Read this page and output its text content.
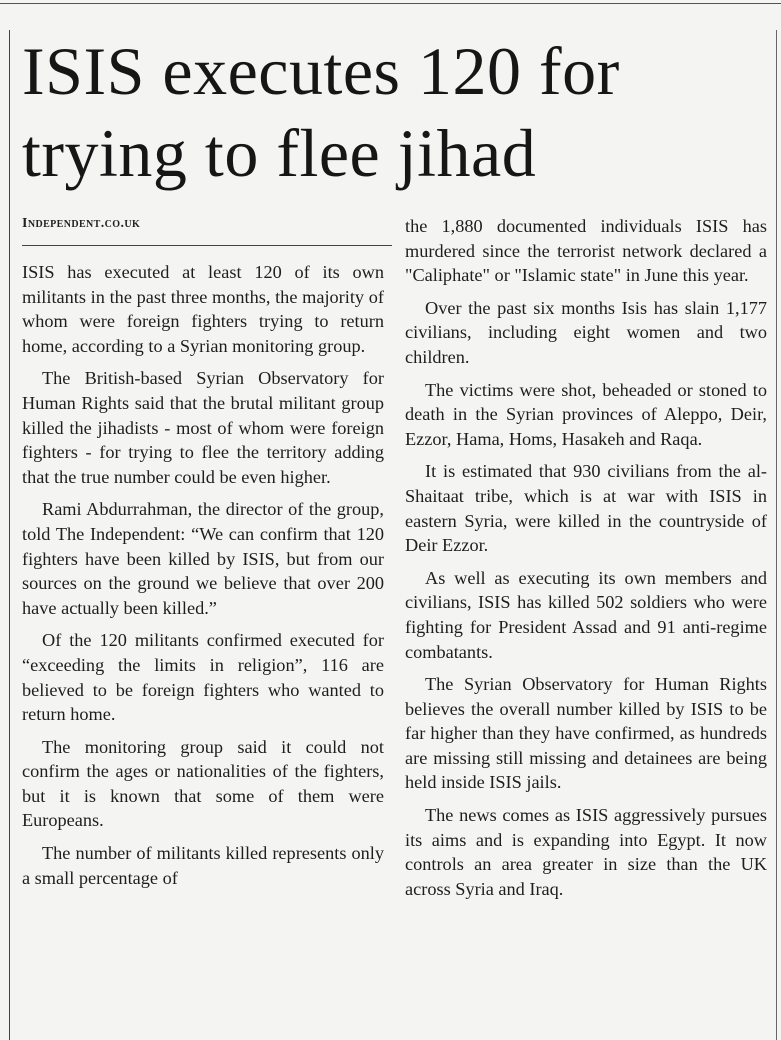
ISIS executes 120 for trying to flee jihad
Independent.co.uk

ISIS has executed at least 120 of its own militants in the past three months, the majority of whom were foreign fighters trying to return home, according to a Syrian monitoring group.

The British-based Syrian Observatory for Human Rights said that the brutal militant group killed the jihadists - most of whom were foreign fighters - for trying to flee the territory adding that the true number could be even higher.

Rami Abdurrahman, the director of the group, told The Independent: “We can confirm that 120 fighters have been killed by ISIS, but from our sources on the ground we believe that over 200 have actually been killed.”

Of the 120 militants confirmed executed for “exceeding the limits in religion”, 116 are believed to be foreign fighters who wanted to return home.

The monitoring group said it could not confirm the ages or nationalities of the fighters, but it is known that some of them were Europeans.

The number of militants killed represents only a small percentage of

the 1,880 documented individuals ISIS has murdered since the terrorist network declared a "Caliphate" or "Islamic state" in June this year.

Over the past six months Isis has slain 1,177 civilians, including eight women and two children.

The victims were shot, beheaded or stoned to death in the Syrian provinces of Aleppo, Deir, Ezzor, Hama, Homs, Hasakeh and Raqa.

It is estimated that 930 civilians from the al-Shaitaat tribe, which is at war with ISIS in eastern Syria, were killed in the countryside of Deir Ezzor.

As well as executing its own members and civilians, ISIS has killed 502 soldiers who were fighting for President Assad and 91 anti-regime combatants.

The Syrian Observatory for Human Rights believes the overall number killed by ISIS to be far higher than they have confirmed, as hundreds are missing still missing and detainees are being held inside ISIS jails.

The news comes as ISIS aggressively pursues its aims and is expanding into Egypt. It now controls an area greater in size than the UK across Syria and Iraq.
